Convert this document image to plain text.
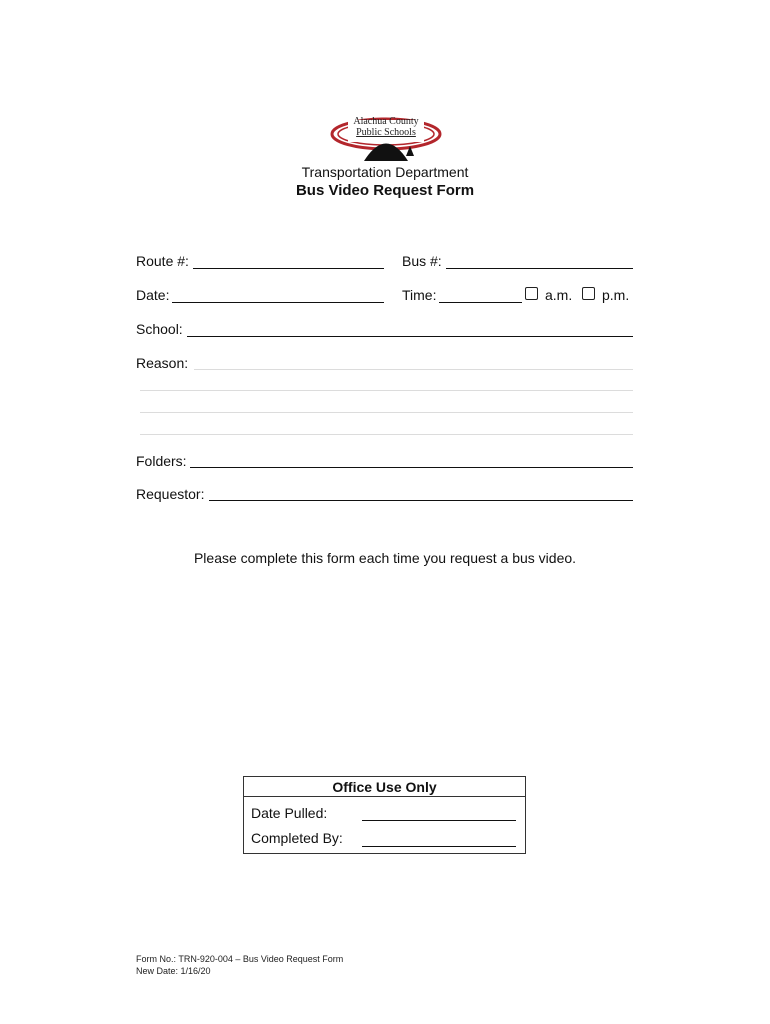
Alachua County
Public Schools
Transportation Department
Bus Video Request Form
Route #:	Bus #:
Date:	Time:	a.m. p.m.
School:
Reason:
Folders:
Requestor:
Please complete this form each time you request a bus video.
Office Use Only
Date Pulled:
Completed By:
Form No.: TRN-920-004 – Bus Video Request Form
New Date: 1/16/20
